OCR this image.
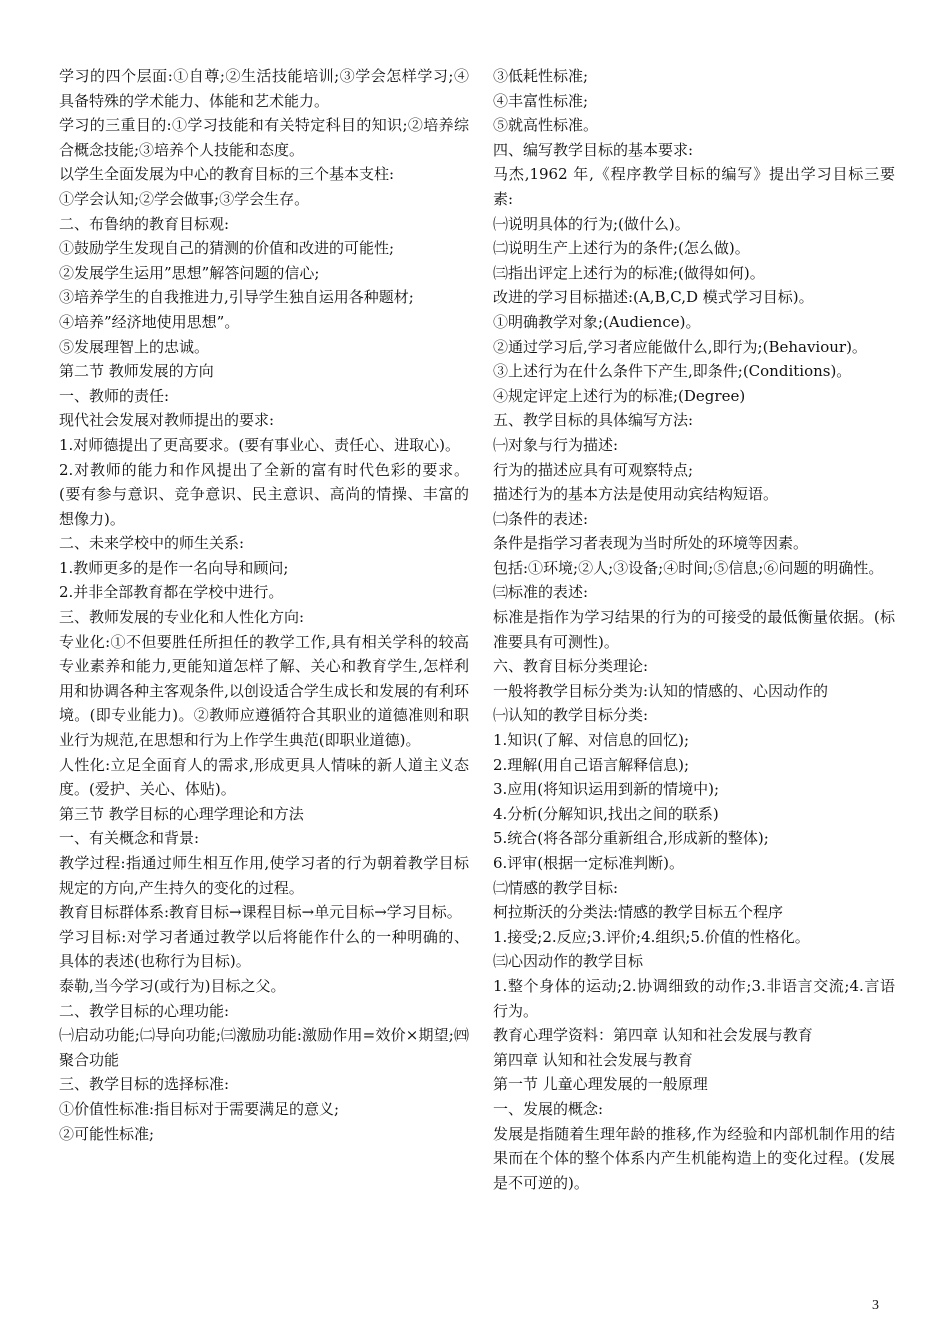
学习的四个层面:①自尊;②生活技能培训;③学会怎样学习;④具备特殊的学术能力、体能和艺术能力。

学习的三重目的:①学习技能和有关特定科目的知识;②培养综合概念技能;③培养个人技能和态度。

以学生全面发展为中心的教育目标的三个基本支柱:

①学会认知;②学会做事;③学会生存。

二、布鲁纳的教育目标观:

①鼓励学生发现自己的猜测的价值和改进的可能性;

②发展学生运用”思想”解答问题的信心;

③培养学生的自我推进力,引导学生独自运用各种题材;

④培养”经济地使用思想”。

⑤发展理智上的忠诚。

第二节 教师发展的方向

一、教师的责任:

现代社会发展对教师提出的要求:

1.对师德提出了更高要求。(要有事业心、责任心、进取心)。

2.对教师的能力和作风提出了全新的富有时代色彩的要求。(要有参与意识、竞争意识、民主意识、高尚的情操、丰富的想像力)。

二、未来学校中的师生关系:

1.教师更多的是作一名向导和顾问;

2.并非全部教育都在学校中进行。

三、教师发展的专业化和人性化方向:

专业化:①不但要胜任所担任的教学工作,具有相关学科的较高专业素养和能力,更能知道怎样了解、关心和教育学生,怎样利用和协调各种主客观条件,以创设适合学生成长和发展的有利环境。(即专业能力)。②教师应遵循符合其职业的道德准则和职业行为规范,在思想和行为上作学生典范(即职业道德)。

人性化:立足全面育人的需求,形成更具人情味的新人道主义态度。(爱护、关心、体贴)。

第三节 教学目标的心理学理论和方法

一、有关概念和背景:

教学过程:指通过师生相互作用,使学习者的行为朝着教学目标规定的方向,产生持久的变化的过程。

教育目标群体系:教育目标→课程目标→单元目标→学习目标。

学习目标:对学习者通过教学以后将能作什么的一种明确的、具体的表述(也称行为目标)。

泰勒,当今学习(或行为)目标之父。

二、教学目标的心理功能:

㈠启动功能;㈡导向功能;㈢激励功能:激励作用=效价×期望;㈣聚合功能

三、教学目标的选择标准:

①价值性标准:指目标对于需要满足的意义;

②可能性标准;

③低耗性标准;

④丰富性标准;

⑤就高性标准。

四、编写教学目标的基本要求:

马杰,1962 年,《程序教学目标的编写》提出学习目标三要素:

㈠说明具体的行为;(做什么)。

㈡说明生产上述行为的条件;(怎么做)。

㈢指出评定上述行为的标准;(做得如何)。

改进的学习目标描述:(A,B,C,D 模式学习目标)。

①明确教学对象;(Audience)。

②通过学习后,学习者应能做什么,即行为;(Behaviour)。

③上述行为在什么条件下产生,即条件;(Conditions)。

④规定评定上述行为的标准;(Degree)

五、教学目标的具体编写方法:

㈠对象与行为描述:

行为的描述应具有可观察特点;

描述行为的基本方法是使用动宾结构短语。

㈡条件的表述:

条件是指学习者表现为当时所处的环境等因素。

包括:①环境;②人;③设备;④时间;⑤信息;⑥问题的明确性。

㈢标准的表述:

标准是指作为学习结果的行为的可接受的最低衡量依据。(标准要具有可测性)。

六、教育目标分类理论:

一般将教学目标分类为:认知的情感的、心因动作的

㈠认知的教学目标分类:

1.知识(了解、对信息的回忆);

2.理解(用自己语言解释信息);

3.应用(将知识运用到新的情境中);

4.分析(分解知识,找出之间的联系)

5.统合(将各部分重新组合,形成新的整体);

6.评审(根据一定标准判断)。

㈡情感的教学目标:

柯拉斯沃的分类法:情感的教学目标五个程序

1.接受;2.反应;3.评价;4.组织;5.价值的性格化。

㈢心因动作的教学目标

1.整个身体的运动;2.协调细致的动作;3.非语言交流;4.言语行为。

教育心理学资料：第四章 认知和社会发展与教育

第四章 认知和社会发展与教育

第一节 儿童心理发展的一般原理

一、发展的概念:

发展是指随着生理年龄的推移,作为经验和内部机制作用的结果而在个体的整个体系内产生机能构造上的变化过程。(发展是不可逆的)。

3
